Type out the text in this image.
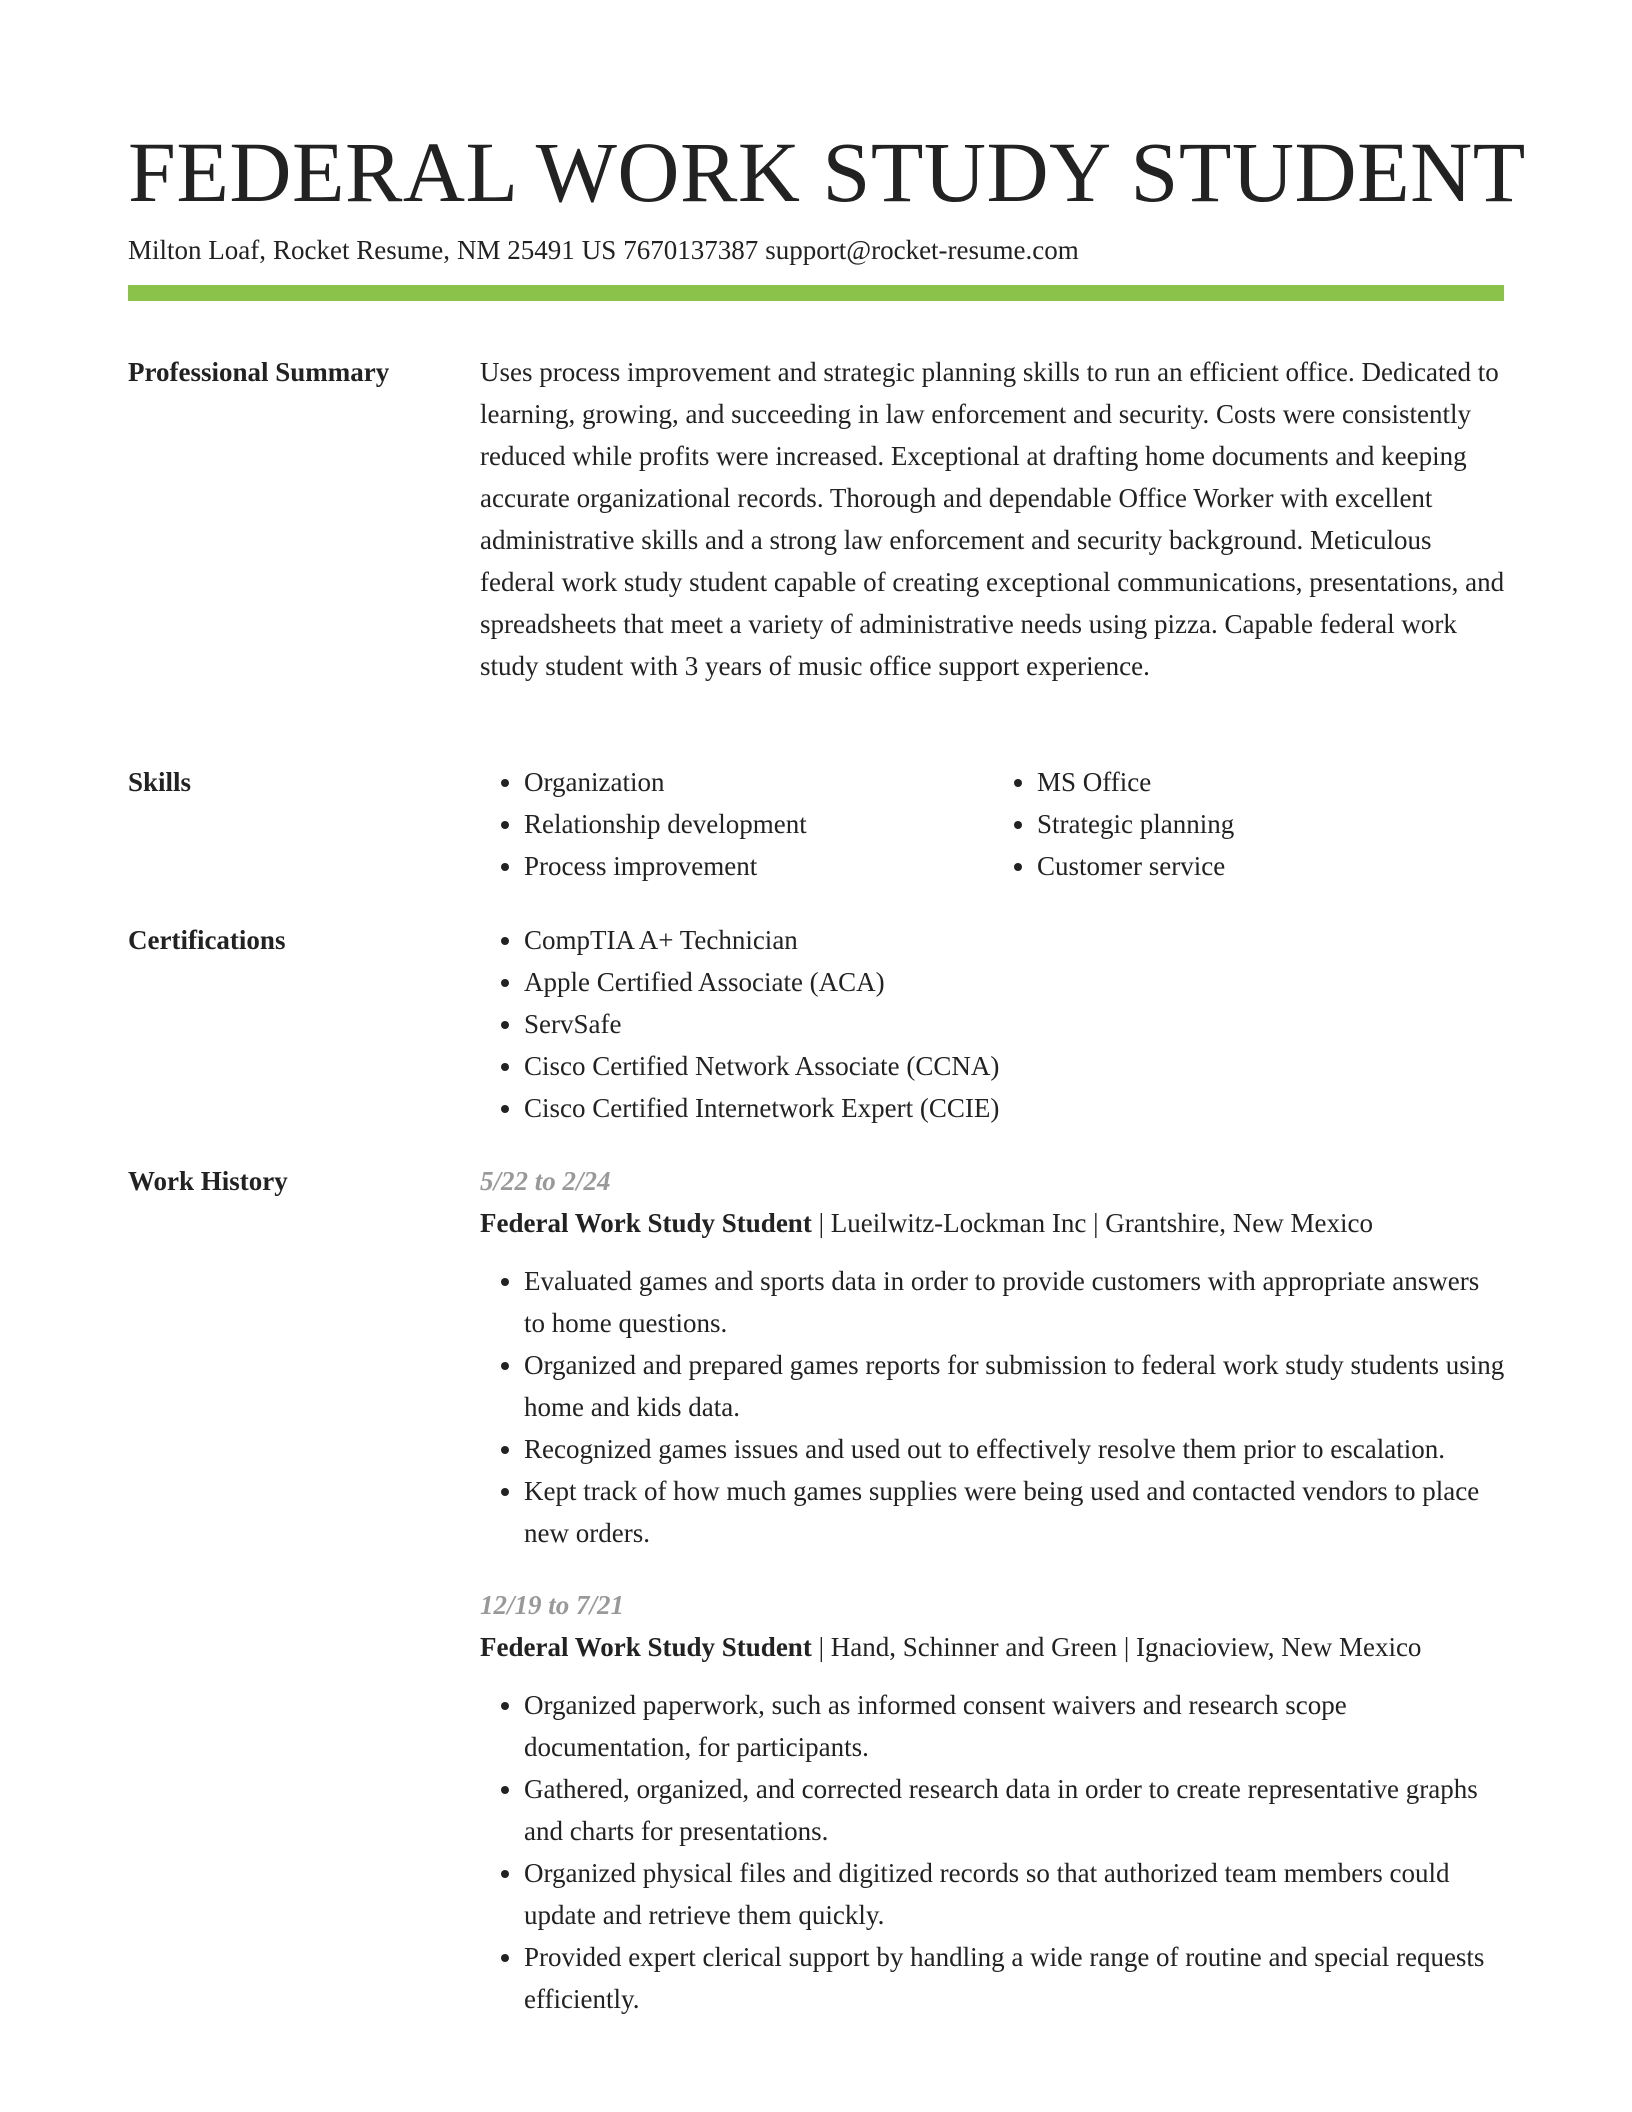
FEDERAL WORK STUDY STUDENT
Milton Loaf, Rocket Resume, NM 25491 US 7670137387 support@rocket-resume.com
Professional Summary	Uses process improvement and strategic planning skills to run an efficient office. Dedicated to learning, growing, and succeeding in law enforcement and security. Costs were consistently reduced while profits were increased. Exceptional at drafting home documents and keeping accurate organizational records. Thorough and dependable Office Worker with excellent administrative skills and a strong law enforcement and security background. Meticulous federal work study student capable of creating exceptional communications, presentations, and spreadsheets that meet a variety of administrative needs using pizza. Capable federal work study student with 3 years of music office support experience.

Skills	• Organization
• Relationship development
• Process improvement
• MS Office
• Strategic planning
• Customer service
Certifications	• CompTIA A+ Technician
• Apple Certified Associate (ACA)
• ServSafe
• Cisco Certified Network Associate (CCNA)
• Cisco Certified Internetwork Expert (CCIE)
Work History	5/22 to 2/24
Federal Work Study Student | Lueilwitz-Lockman Inc | Grantshire, New Mexico
• Evaluated games and sports data in order to provide customers with appropriate answers to home questions.
• Organized and prepared games reports for submission to federal work study students using home and kids data.
• Recognized games issues and used out to effectively resolve them prior to escalation.
• Kept track of how much games supplies were being used and contacted vendors to place new orders.
12/19 to 7/21
Federal Work Study Student | Hand, Schinner and Green | Ignacioview, New Mexico
• Organized paperwork, such as informed consent waivers and research scope documentation, for participants.
• Gathered, organized, and corrected research data in order to create representative graphs and charts for presentations.
• Organized physical files and digitized records so that authorized team members could update and retrieve them quickly.
• Provided expert clerical support by handling a wide range of routine and special requests efficiently.
